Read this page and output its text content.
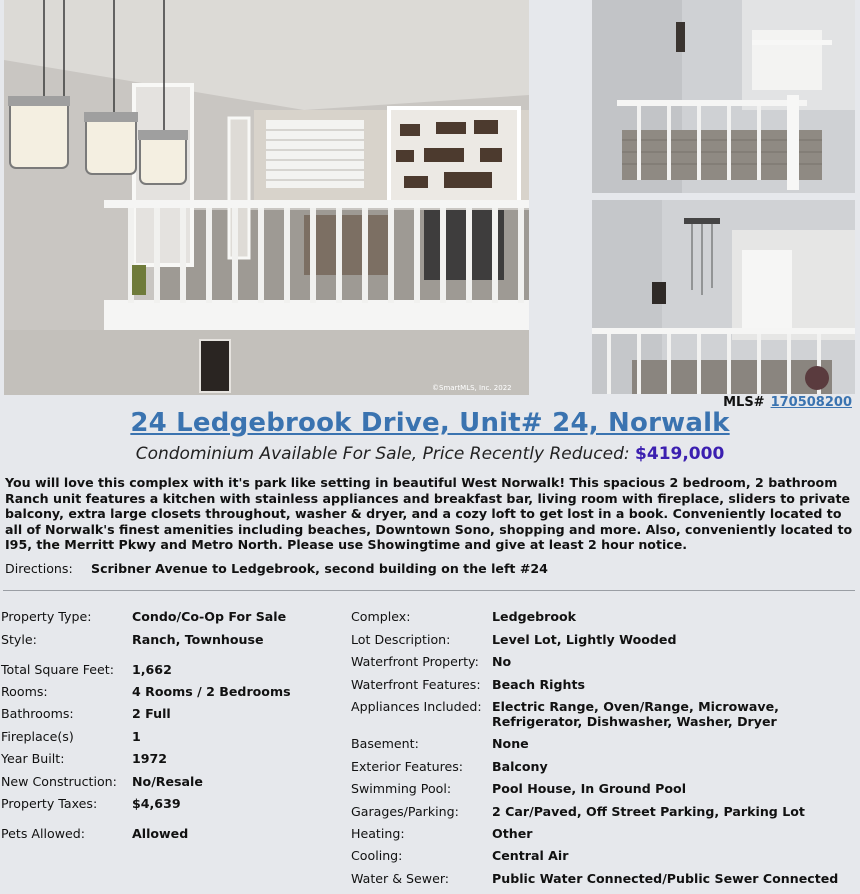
©SmartMLS, Inc. 2022
MLS# 170508200
24 Ledgebrook Drive, Unit# 24, Norwalk
Condominium Available For Sale, Price Recently Reduced: $419,000
You will love this complex with it's park like setting in beautiful West Norwalk! This spacious 2 bedroom, 2 bathroom Ranch unit features a kitchen with stainless appliances and breakfast bar, living room with fireplace, sliders to private balcony, extra large closets throughout, washer & dryer, and a cozy loft to get lost in a book. Conveniently located to all of Norwalk's finest amenities including beaches, Downtown Sono, shopping and more. Also, conveniently located to I95, the Merritt Pkwy and Metro North. Please use Showingtime and give at least 2 hour notice.
Directions: Scribner Avenue to Ledgebrook, second building on the left #24
Property Type:	Condo/Co-Op For Sale
Style:	Ranch, Townhouse
Total Square Feet: 1,662
Rooms:	4 Rooms / 2 Bedrooms
Bathrooms:	2 Full
Fireplace(s)	1
Year Built:	1972
New Construction: No/Resale
Property Taxes:	$4,639
Pets Allowed:	Allowed
Complex:	Ledgebrook
Lot Description:	Level Lot, Lightly Wooded
Waterfront Property: No
Waterfront Features: Beach Rights
Appliances Included: Electric Range, Oven/Range, Microwave, Refrigerator, Dishwasher, Washer, Dryer
Basement:	None
Exterior Features: Balcony
Swimming Pool:	Pool House, In Ground Pool
Garages/Parking:	2 Car/Paved, Off Street Parking, Parking Lot
Heating:	Other
Cooling:	Central Air
Water & Sewer:	Public Water Connected/Public Sewer Connected
